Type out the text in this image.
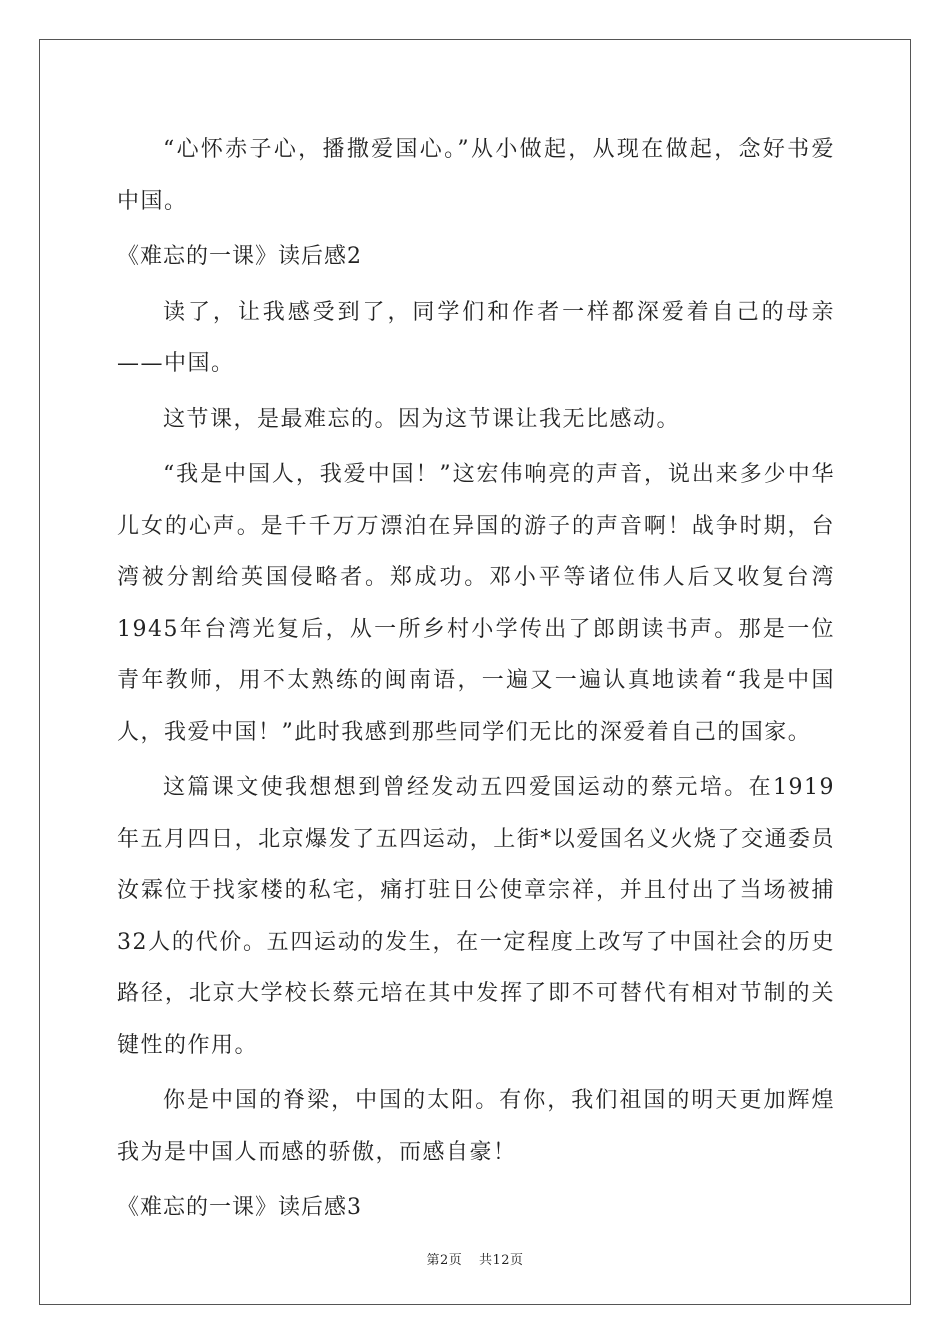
“心怀赤子心，播撒爱国心。”从小做起，从现在做起，念好书爱中国。

《难忘的一课》读后感2

读了，让我感受到了，同学们和作者一样都深爱着自己的母亲——中国。

这节课，是最难忘的。因为这节课让我无比感动。

“我是中国人，我爱中国！”这宏伟响亮的声音，说出来多少中华儿女的心声。是千千万万漂泊在异国的游子的声音啊！战争时期，台湾被分割给英国侵略者。郑成功。邓小平等诸位伟人后又收复台湾1945年台湾光复后，从一所乡村小学传出了郎朗读书声。那是一位青年教师，用不太熟练的闽南语，一遍又一遍认真地读着“我是中国人，我爱中国！”此时我感到那些同学们无比的深爱着自己的国家。

这篇课文使我想想到曾经发动五四爱国运动的蔡元培。在1919年五月四日，北京爆发了五四运动，上街*以爱国名义火烧了交通委员汝霖位于找家楼的私宅，痛打驻日公使章宗祥，并且付出了当场被捕32人的代价。五四运动的发生，在一定程度上改写了中国社会的历史路径，北京大学校长蔡元培在其中发挥了即不可替代有相对节制的关键性的作用。

你是中国的脊梁，中国的太阳。有你，我们祖国的明天更加辉煌我为是中国人而感的骄傲，而感自豪！

《难忘的一课》读后感3

第2页 共12页
